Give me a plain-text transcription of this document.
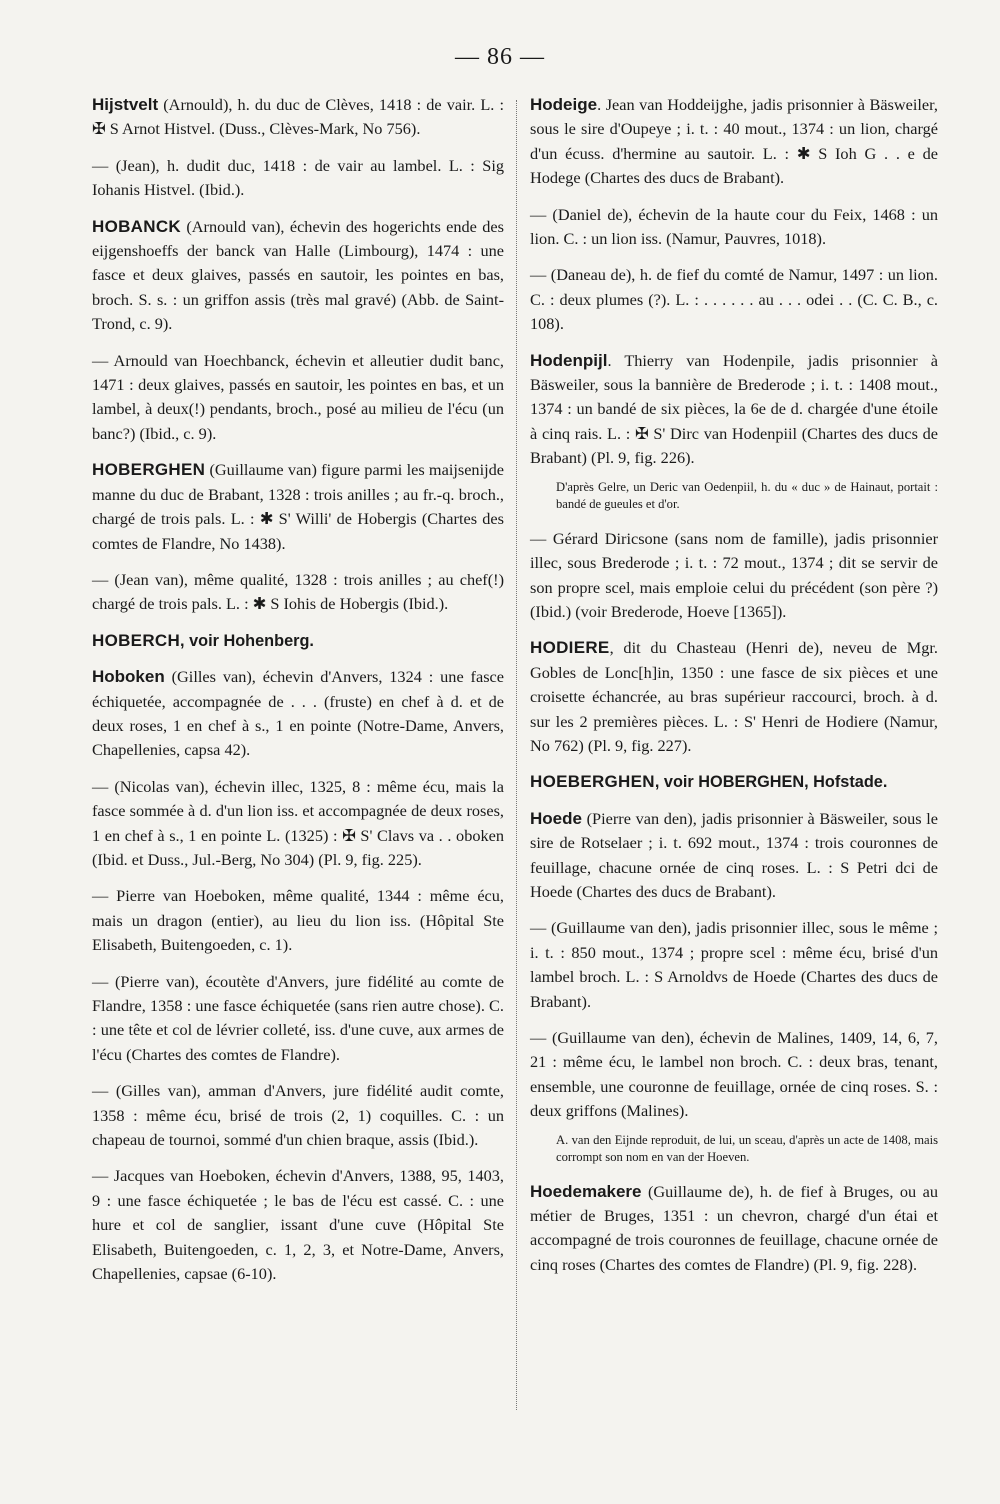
— 86 —

Hijstvelt (Arnould), h. du duc de Clèves, 1418 : de vair. L. : ✠ S Arnot Histvel. (Duss., Clèves-Mark, No 756).

— (Jean), h. dudit duc, 1418 : de vair au lambel. L. : Sig Iohanis Histvel. (Ibid.).

HOBANCK (Arnould van), échevin des hogerichts ende des eijgenshoeffs der banck van Halle (Limbourg), 1474 : une fasce et deux glaives, passés en sautoir, les pointes en bas, broch. S. s. : un griffon assis (très mal gravé) (Abb. de Saint-Trond, c. 9).

— Arnould van Hoechbanck, échevin et alleutier dudit banc, 1471 : deux glaives, passés en sautoir, les pointes en bas, et un lambel, à deux(!) pendants, broch., posé au milieu de l'écu (un banc?) (Ibid., c. 9).

HOBERGHEN (Guillaume van) figure parmi les maijsenijde manne du duc de Brabant, 1328 : trois anilles ; au fr.-q. broch., chargé de trois pals. L. : ✱ S' Willi' de Hobergis (Chartes des comtes de Flandre, No 1438).

— (Jean van), même qualité, 1328 : trois anilles ; au chef(!) chargé de trois pals. L. : ✱ S Iohis de Hobergis (Ibid.).

HOBERCH, voir Hohenberg.

Hoboken (Gilles van), échevin d'Anvers, 1324 : une fasce échiquetée, accompagnée de . . . (fruste) en chef à d. et de deux roses, 1 en chef à s., 1 en pointe (Notre-Dame, Anvers, Chapellenies, capsa 42).

— (Nicolas van), échevin illec, 1325, 8 : même écu, mais la fasce sommée à d. d'un lion iss. et accompagnée de deux roses, 1 en chef à s., 1 en pointe L. (1325) : ✠ S' Clavs va . . oboken (Ibid. et Duss., Jul.-Berg, No 304) (Pl. 9, fig. 225).

— Pierre van Hoeboken, même qualité, 1344 : même écu, mais un dragon (entier), au lieu du lion iss. (Hôpital Ste Elisabeth, Buitengoeden, c. 1).

— (Pierre van), écoutète d'Anvers, jure fidélité au comte de Flandre, 1358 : une fasce échiquetée (sans rien autre chose). C. : une tête et col de lévrier colleté, iss. d'une cuve, aux armes de l'écu (Chartes des comtes de Flandre).

— (Gilles van), amman d'Anvers, jure fidélité audit comte, 1358 : même écu, brisé de trois (2, 1) coquilles. C. : un chapeau de tournoi, sommé d'un chien braque, assis (Ibid.).

— Jacques van Hoeboken, échevin d'Anvers, 1388, 95, 1403, 9 : une fasce échiquetée ; le bas de l'écu est cassé. C. : une hure et col de sanglier, issant d'une cuve (Hôpital Ste Elisabeth, Buitengoeden, c. 1, 2, 3, et Notre-Dame, Anvers, Chapellenies, capsae (6-10).

Hodeige. Jean van Hoddeijghe, jadis prisonnier à Bäsweiler, sous le sire d'Oupeye ; i. t. : 40 mout., 1374 : un lion, chargé d'un écuss. d'hermine au sautoir. L. : ✱ S Ioh G . . e de Hodege (Chartes des ducs de Brabant).

— (Daniel de), échevin de la haute cour du Feix, 1468 : un lion. C. : un lion iss. (Namur, Pauvres, 1018).

— (Daneau de), h. de fief du comté de Namur, 1497 : un lion. C. : deux plumes (?). L. : . . . . . . au . . . odei . . (C. C. B., c. 108).

Hodenpijl. Thierry van Hodenpile, jadis prisonnier à Bäsweiler, sous la bannière de Brederode ; i. t. : 1408 mout., 1374 : un bandé de six pièces, la 6e de d. chargée d'une étoile à cinq rais. L. : ✠ S' Dirc van Hodenpiil (Chartes des ducs de Brabant) (Pl. 9, fig. 226).

D'après Gelre, un Deric van Oedenpiil, h. du « duc » de Hainaut, portait : bandé de gueules et d'or.

— Gérard Diricsone (sans nom de famille), jadis prisonnier illec, sous Brederode ; i. t. : 72 mout., 1374 ; dit se servir de son propre scel, mais emploie celui du précédent (son père ?) (Ibid.) (voir Brederode, Hoeve [1365]).

HODIERE, dit du Chasteau (Henri de), neveu de Mgr. Gobles de Lonc[h]in, 1350 : une fasce de six pièces et une croisette échancrée, au bras supérieur raccourci, broch. à d. sur les 2 premières pièces. L. : S' Henri de Hodiere (Namur, No 762) (Pl. 9, fig. 227).

HOEBERGHEN, voir HOBERGHEN, Hofstade.

Hoede (Pierre van den), jadis prisonnier à Bäsweiler, sous le sire de Rotselaer ; i. t. 692 mout., 1374 : trois couronnes de feuillage, chacune ornée de cinq roses. L. : S Petri dci de Hoede (Chartes des ducs de Brabant).

— (Guillaume van den), jadis prisonnier illec, sous le même ; i. t. : 850 mout., 1374 ; propre scel : même écu, brisé d'un lambel broch. L. : S Arnoldvs de Hoede (Chartes des ducs de Brabant).

— (Guillaume van den), échevin de Malines, 1409, 14, 6, 7, 21 : même écu, le lambel non broch. C. : deux bras, tenant, ensemble, une couronne de feuillage, ornée de cinq roses. S. : deux griffons (Malines).

A. van den Eijnde reproduit, de lui, un sceau, d'après un acte de 1408, mais corrompt son nom en van der Hoeven.

Hoedemakere (Guillaume de), h. de fief à Bruges, ou au métier de Bruges, 1351 : un chevron, chargé d'un étai et accompagné de trois couronnes de feuillage, chacune ornée de cinq roses (Chartes des comtes de Flandre) (Pl. 9, fig. 228).
